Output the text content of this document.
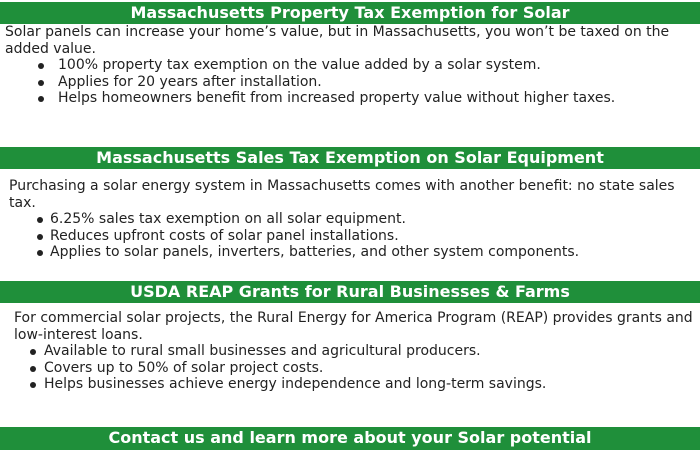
Massachusetts Property Tax Exemption for Solar

Solar panels can increase your home’s value, but in Massachusetts, you won’t be taxed on the added value.

100% property tax exemption on the value added by a solar system.
Applies for 20 years after installation.
Helps homeowners benefit from increased property value without higher taxes.
Massachusetts Sales Tax Exemption on Solar Equipment

Purchasing a solar energy system in Massachusetts comes with another benefit: no state sales tax.

6.25% sales tax exemption on all solar equipment.
Reduces upfront costs of solar panel installations.
Applies to solar panels, inverters, batteries, and other system components.
USDA REAP Grants for Rural Businesses & Farms

For commercial solar projects, the Rural Energy for America Program (REAP) provides grants and low-interest loans.

Available to rural small businesses and agricultural producers.
Covers up to 50% of solar project costs.
Helps businesses achieve energy independence and long-term savings.
Contact us and learn more about your Solar potential
